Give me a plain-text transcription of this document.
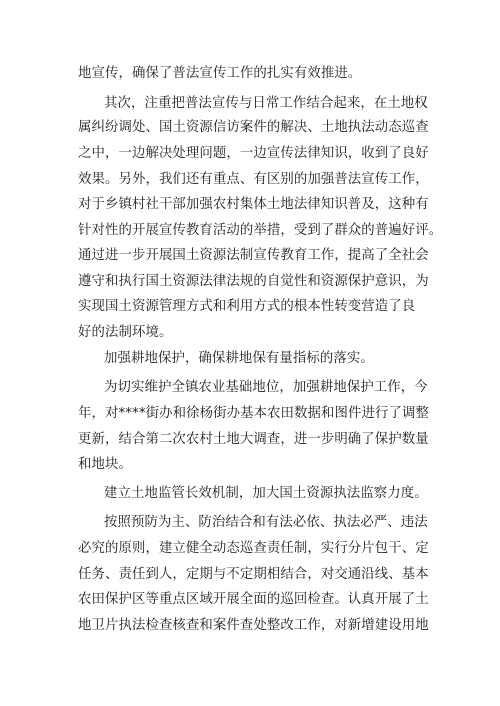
地宣传，确保了普法宣传工作的扎实有效推进。
其次，注重把普法宣传与日常工作结合起来，在土地权
属纠纷调处、国土资源信访案件的解决、土地执法动态巡查
之中，一边解决处理问题，一边宣传法律知识，收到了良好
效果。另外，我们还有重点、有区别的加强普法宣传工作，
对于乡镇村社干部加强农村集体土地法律知识普及，这种有
针对性的开展宣传教育活动的举措，受到了群众的普遍好评。
通过进一步开展国土资源法制宣传教育工作，提高了全社会
遵守和执行国土资源法律法规的自觉性和资源保护意识，为
实现国土资源管理方式和利用方式的根本性转变营造了良
好的法制环境。
加强耕地保护，确保耕地保有量指标的落实。
为切实维护全镇农业基础地位，加强耕地保护工作，今
年，对****街办和徐杨街办基本农田数据和图件进行了调整
更新，结合第二次农村土地大调查，进一步明确了保护数量
和地块。
建立土地监管长效机制，加大国土资源执法监察力度。
按照预防为主、防治结合和有法必依、执法必严、违法
必究的原则，建立健全动态巡查责任制，实行分片包干、定
任务、责任到人，定期与不定期相结合，对交通沿线、基本
农田保护区等重点区域开展全面的巡回检查。认真开展了土
地卫片执法检查核查和案件查处整改工作，对新增建设用地
